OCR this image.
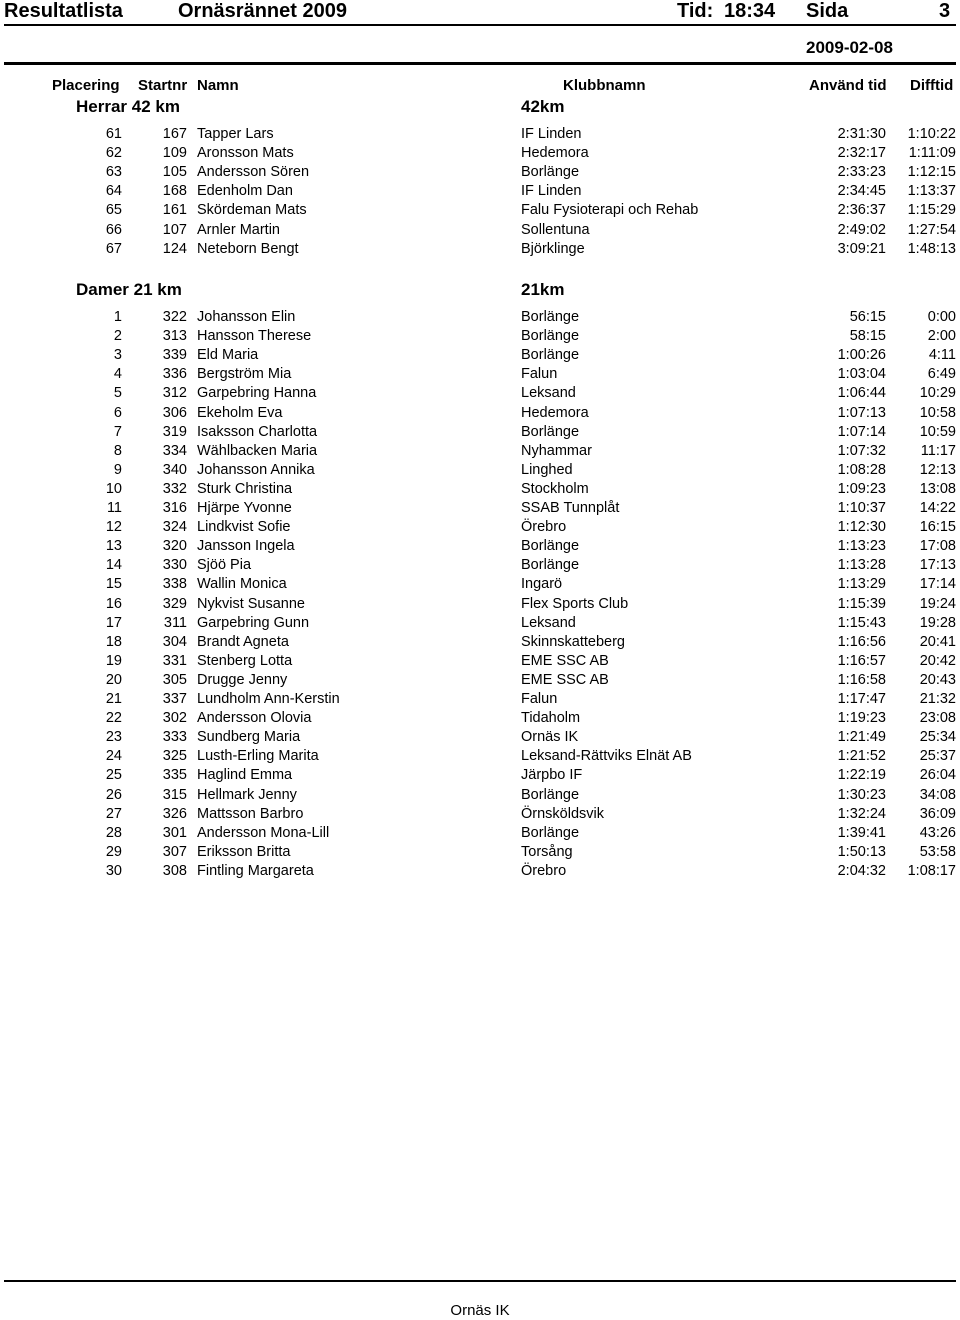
Resultatlista	Ornäsrännet 2009	Tid: 18:34 Sida	3
2009-02-08
Placering Startnr Namn	Klubbnamn	Använd tid Difftid
Herrar 42 km	42km
61	167 Tapper Lars	IF Linden	2:31:30 1:10:22
62	109 Aronsson Mats	Hedemora	2:32:17 1:11:09
63	105 Andersson Sören	Borlänge	2:33:23 1:12:15
64	168 Edenholm Dan	IF Linden	2:34:45 1:13:37
65	161 Skördeman Mats	Falu Fysioterapi och Rehab	2:36:37 1:15:29
66	107 Arnler Martin	Sollentuna	2:49:02 1:27:54
67	124 Neteborn Bengt	Björklinge	3:09:21 1:48:13
Damer 21 km	21km
1	322 Johansson Elin	Borlänge	56:15	0:00
2	313 Hansson Therese	Borlänge	58:15	2:00
3	339 Eld Maria	Borlänge	1:00:26	4:11
4	336 Bergström Mia	Falun	1:03:04	6:49
5	312 Garpebring Hanna	Leksand	1:06:44 10:29
6	306 Ekeholm Eva	Hedemora	1:07:13 10:58
7	319 Isaksson Charlotta	Borlänge	1:07:14 10:59
8	334 Wählbacken Maria	Nyhammar	1:07:32 11:17
9	340 Johansson Annika	Linghed	1:08:28 12:13
10	332 Sturk Christina	Stockholm	1:09:23 13:08
11	316 Hjärpe Yvonne	SSAB Tunnplåt	1:10:37 14:22
12	324 Lindkvist Sofie	Örebro	1:12:30 16:15
13	320 Jansson Ingela	Borlänge	1:13:23 17:08
14	330 Sjöö Pia	Borlänge	1:13:28 17:13
15	338 Wallin Monica	Ingarö	1:13:29 17:14
16	329 Nykvist Susanne	Flex Sports Club	1:15:39 19:24
17	311 Garpebring Gunn	Leksand	1:15:43 19:28
18	304 Brandt Agneta	Skinnskatteberg	1:16:56 20:41
19	331 Stenberg Lotta	EME SSC AB	1:16:57 20:42
20	305 Drugge Jenny	EME SSC AB	1:16:58 20:43
21	337 Lundholm Ann-Kerstin	Falun	1:17:47 21:32
22	302 Andersson Olovia	Tidaholm	1:19:23 23:08
23	333 Sundberg Maria	Ornäs IK	1:21:49 25:34
24	325 Lusth-Erling Marita	Leksand-Rättviks Elnät AB	1:21:52 25:37
25	335 Haglind Emma	Järpbo IF	1:22:19 26:04
26	315 Hellmark Jenny	Borlänge	1:30:23 34:08
27	326 Mattsson Barbro	Örnsköldsvik	1:32:24 36:09
28	301 Andersson Mona-Lill	Borlänge	1:39:41 43:26
29	307 Eriksson Britta	Torsång	1:50:13 53:58
30	308 Fintling Margareta	Örebro	2:04:32 1:08:17
Ornäs IK
